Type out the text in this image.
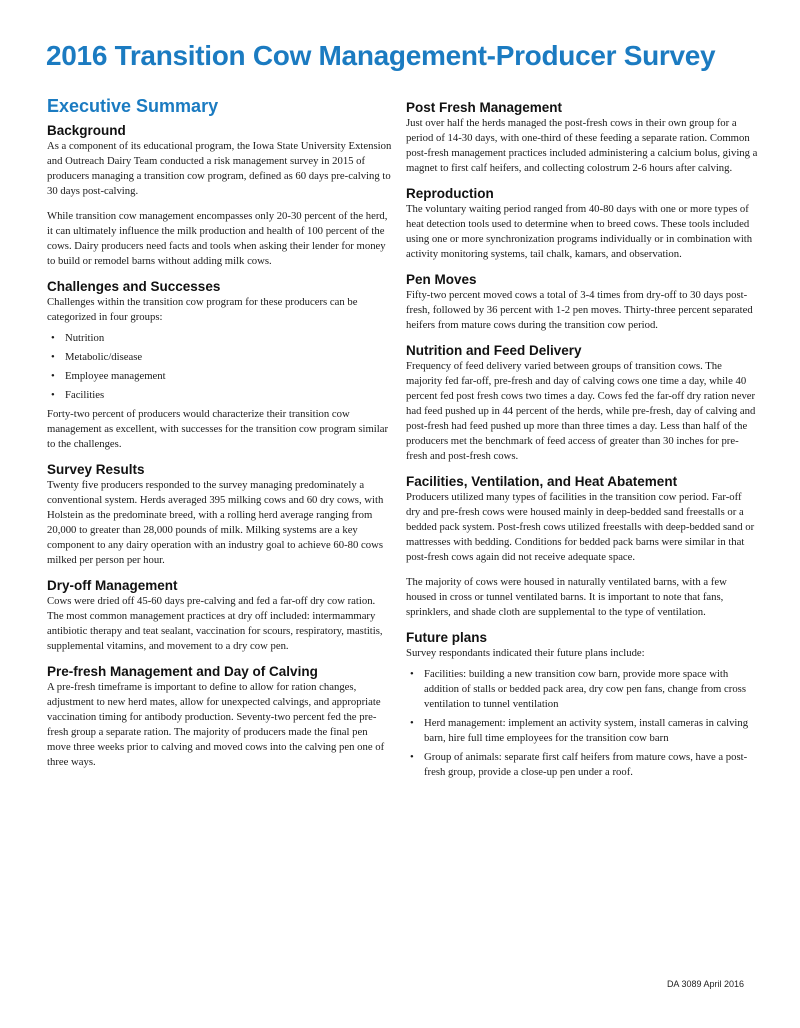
2016 Transition Cow Management-Producer Survey
Executive Summary
Background

As a component of its educational program, the Iowa State University Extension and Outreach Dairy Team conducted a risk management survey in 2015 of producers managing a transition cow program, defined as 60 days pre-calving to 30 days post-calving.

While transition cow management encompasses only 20-30 percent of the herd, it can ultimately influence the milk production and health of 100 percent of the cows. Dairy producers need facts and tools when asking their lender for money to build or remodel barns without adding milk cows.

Challenges and Successes

Challenges within the transition cow program for these producers can be categorized in four groups:

• Nutrition
• Metabolic/disease
• Employee management
• Facilities

Forty-two percent of producers would characterize their transition cow management as excellent, with successes for the transition cow program similar to the challenges.

Survey Results

Twenty five producers responded to the survey managing predominately a conventional system. Herds averaged 395 milking cows and 60 dry cows, with Holstein as the predominate breed, with a rolling herd average ranging from 20,000 to greater than 28,000 pounds of milk. Milking systems are a key component to any dairy operation with an industry goal to achieve 60-80 cows milked per person per hour.

Dry-off Management

Cows were dried off 45-60 days pre-calving and fed a far-off dry cow ration. The most common management practices at dry off included: intermammary antibiotic therapy and teat sealant, vaccination for scours, respiratory, mastitis, supplemental vitamins, and movement to a dry cow pen.

Pre-fresh Management and Day of Calving

A pre-fresh timeframe is important to define to allow for ration changes, adjustment to new herd mates, allow for unexpected calvings, and appropriate vaccination timing for antibody production. Seventy-two percent fed the pre-fresh group a separate ration. The majority of producers made the final pen move three weeks prior to calving and moved cows into the calving pen one of three ways.

Post Fresh Management

Just over half the herds managed the post-fresh cows in their own group for a period of 14-30 days, with one-third of these feeding a separate ration. Common post-fresh management practices included administering a calcium bolus, giving a magnet to first calf heifers, and collecting colostrum 2-6 hours after calving.

Reproduction

The voluntary waiting period ranged from 40-80 days with one or more types of heat detection tools used to determine when to breed cows. These tools included using one or more synchronization programs individually or in combination with activity monitoring systems, tail chalk, kamars, and observation.

Pen Moves

Fifty-two percent moved cows a total of 3-4 times from dry-off to 30 days post-fresh, followed by 36 percent with 1-2 pen moves. Thirty-three percent separated heifers from mature cows during the transition cow period.

Nutrition and Feed Delivery

Frequency of feed delivery varied between groups of transition cows. The majority fed far-off, pre-fresh and day of calving cows one time a day, while 40 percent fed post fresh cows two times a day. Cows fed the far-off dry ration never had feed pushed up in 44 percent of the herds, while pre-fresh, day of calving and post-fresh had feed pushed up more than three times a day. Less than half of the producers met the benchmark of feed access of greater than 30 inches for pre-fresh and post-fresh cows.

Facilities, Ventilation, and Heat Abatement

Producers utilized many types of facilities in the transition cow period. Far-off dry and pre-fresh cows were housed mainly in deep-bedded sand freestalls or a bedded pack system. Post-fresh cows utilized freestalls with deep-bedded sand or mattresses with bedding. Conditions for bedded pack barns were similar in that post-fresh cows again did not receive adequate space.

The majority of cows were housed in naturally ventilated barns, with a few housed in cross or tunnel ventilated barns. It is important to note that fans, sprinklers, and shade cloth are supplemental to the type of ventilation.

Future plans

Survey respondants indicated their future plans include:

• Facilities: building a new transition cow barn, provide more space with addition of stalls or bedded pack area, dry cow pen fans, change from cross ventilation to tunnel ventilation
• Herd management: implement an activity system, install cameras in calving barn, hire full time employees for the transition cow barn
• Group of animals: separate first calf heifers from mature cows, have a post-fresh group, provide a close-up pen under a roof.
DA 3089 April 2016
